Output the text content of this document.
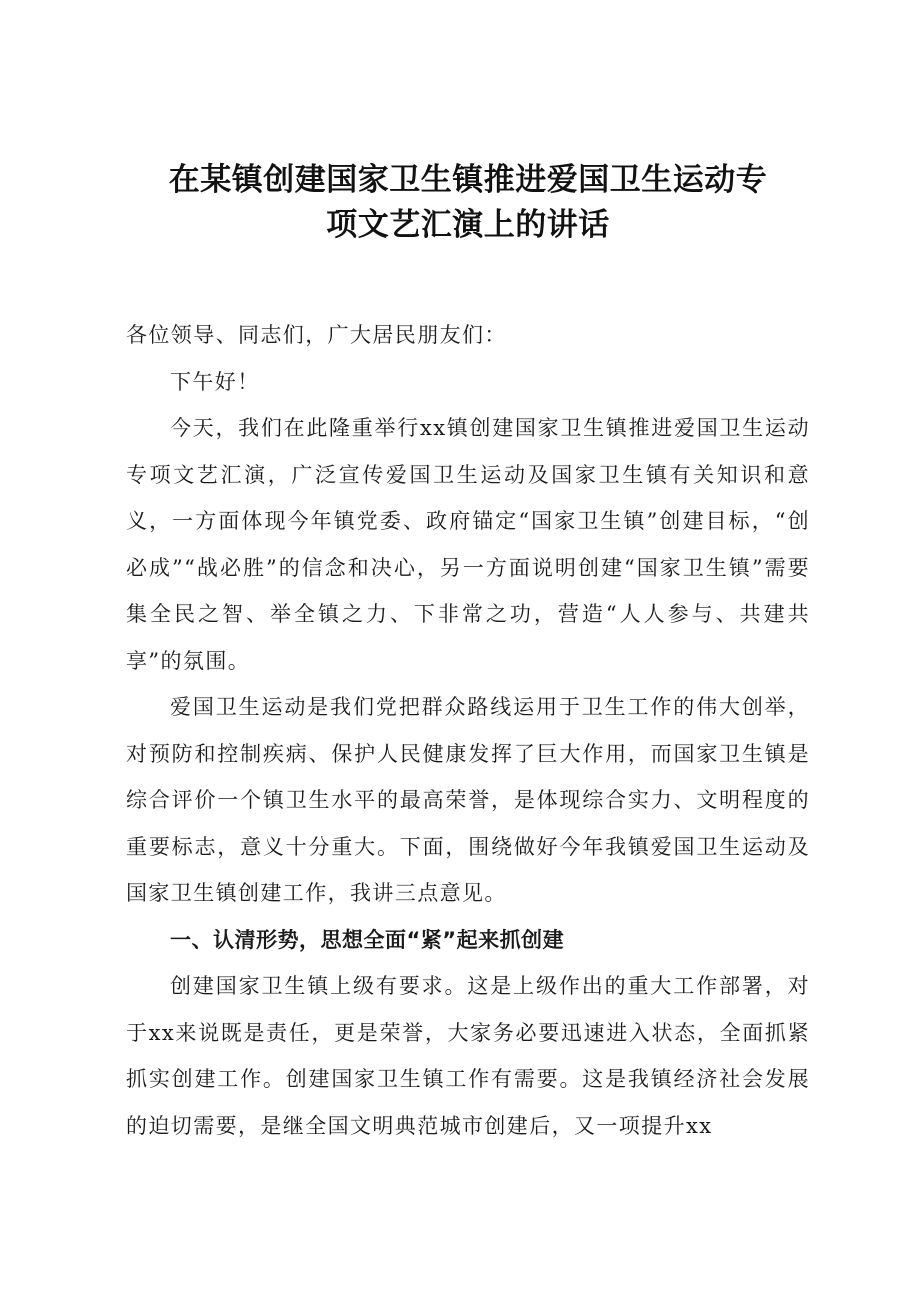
在某镇创建国家卫生镇推进爱国卫生运动专
项文艺汇演上的讲话

各位领导、同志们，广大居民朋友们：

下午好！

今天，我们在此隆重举行xx镇创建国家卫生镇推进爱国卫生运动专项文艺汇演，广泛宣传爱国卫生运动及国家卫生镇有关知识和意义，一方面体现今年镇党委、政府锚定“国家卫生镇”创建目标，“创必成”“战必胜”的信念和决心，另一方面说明创建“国家卫生镇”需要集全民之智、举全镇之力、下非常之功，营造“人人参与、共建共享”的氛围。

爱国卫生运动是我们党把群众路线运用于卫生工作的伟大创举，对预防和控制疾病、保护人民健康发挥了巨大作用，而国家卫生镇是综合评价一个镇卫生水平的最高荣誉，是体现综合实力、文明程度的重要标志，意义十分重大。下面，围绕做好今年我镇爱国卫生运动及国家卫生镇创建工作，我讲三点意见。

一、认清形势，思想全面“紧”起来抓创建

创建国家卫生镇上级有要求。这是上级作出的重大工作部署，对于xx来说既是责任，更是荣誉，大家务必要迅速进入状态，全面抓紧抓实创建工作。创建国家卫生镇工作有需要。这是我镇经济社会发展的迫切需要，是继全国文明典范城市创建后，又一项提升xx
